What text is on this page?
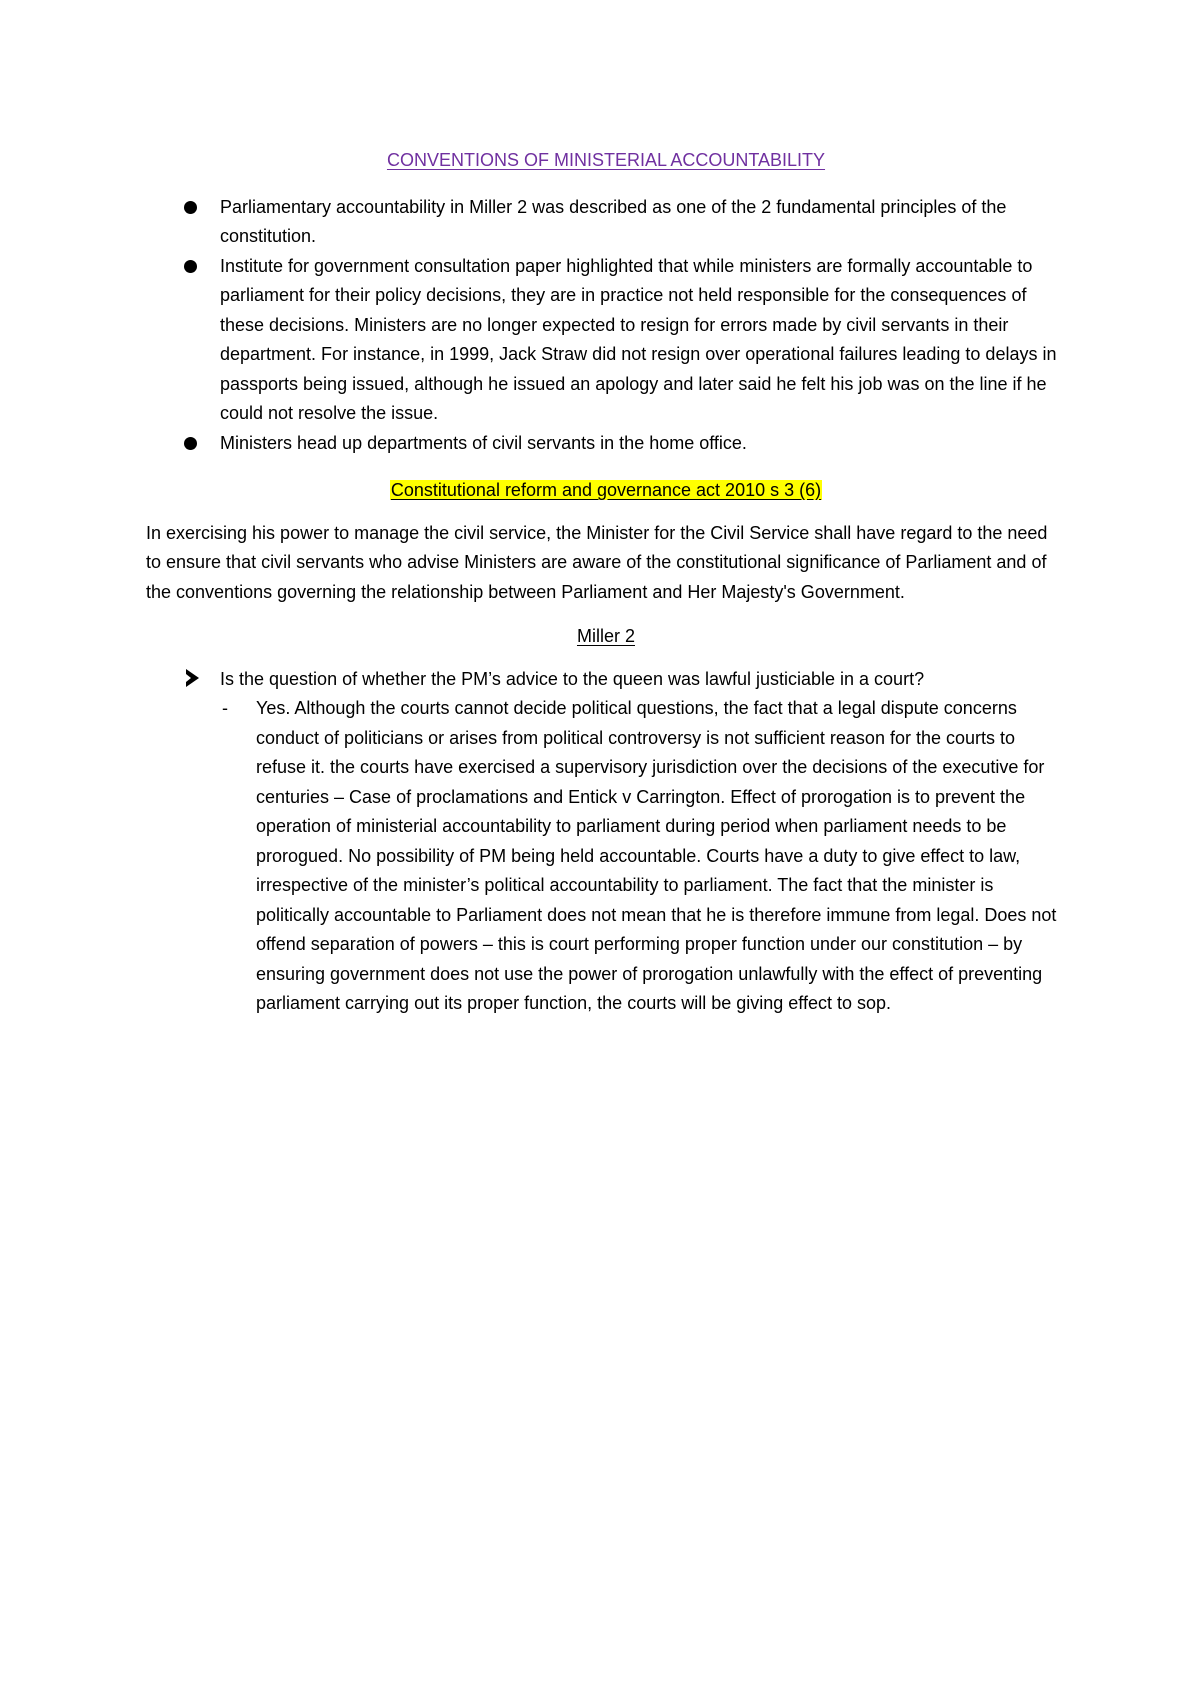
CONVENTIONS OF MINISTERIAL ACCOUNTABILITY

Parliamentary accountability in Miller 2 was described as one of the 2 fundamental principles of the constitution.
Institute for government consultation paper highlighted that while ministers are formally accountable to parliament for their policy decisions, they are in practice not held responsible for the consequences of these decisions. Ministers are no longer expected to resign for errors made by civil servants in their department. For instance, in 1999, Jack Straw did not resign over operational failures leading to delays in passports being issued, although he issued an apology and later said he felt his job was on the line if he could not resolve the issue.
Ministers head up departments of civil servants in the home office.
Constitutional reform and governance act 2010 s 3 (6)

In exercising his power to manage the civil service, the Minister for the Civil Service shall have regard to the need to ensure that civil servants who advise Ministers are aware of the constitutional significance of Parliament and of the conventions governing the relationship between Parliament and Her Majesty's Government.

Miller 2

Is the question of whether the PM’s advice to the queen was lawful justiciable in a court?
- Yes. Although the courts cannot decide political questions, the fact that a legal dispute concerns conduct of politicians or arises from political controversy is not sufficient reason for the courts to refuse it. the courts have exercised a supervisory jurisdiction over the decisions of the executive for centuries – Case of proclamations and Entick v Carrington. Effect of prorogation is to prevent the operation of ministerial accountability to parliament during period when parliament needs to be prorogued. No possibility of PM being held accountable. Courts have a duty to give effect to law, irrespective of the minister’s political accountability to parliament. The fact that the minister is politically accountable to Parliament does not mean that he is therefore immune from legal. Does not offend separation of powers – this is court performing proper function under our constitution – by ensuring government does not use the power of prorogation unlawfully with the effect of preventing parliament carrying out its proper function, the courts will be giving effect to sop.
